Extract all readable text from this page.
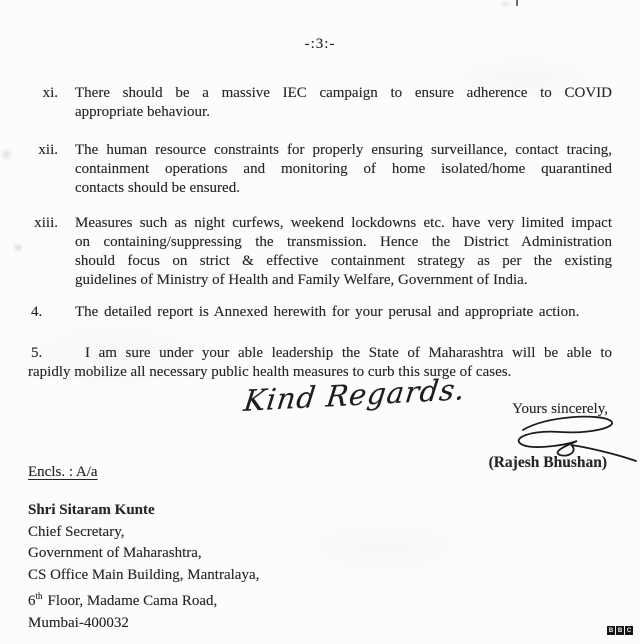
-:3:-
xi. There should be a massive IEC campaign to ensure adherence to COVID
appropriate behaviour.
xii. The human resource constraints for properly ensuring surveillance, contact tracing,
containment operations and monitoring of home isolated/home quarantined
contacts should be ensured.
xiii. Measures such as night curfews, weekend lockdowns etc. have very limited impact
on containing/suppressing the transmission. Hence the District Administration
should focus on strict & effective containment strategy as per the existing
guidelines of Ministry of Health and Family Welfare, Government of India.
4.	The detailed report is Annexed herewith for your perusal and appropriate action.
5.	I am sure under your able leadership the State of Maharashtra will be able to
rapidly mobilize all necessary public health measures to curb this surge of cases.
Kind Regards.	Yours sincerely,
(Rajesh Bhushan)
Encls. : A/a
Shri Sitaram Kunte
Chief Secretary,
Government of Maharashtra,
CS Office Main Building, Mantralaya,
6th Floor, Madame Cama Road,
Mumbai-400032	B B C
